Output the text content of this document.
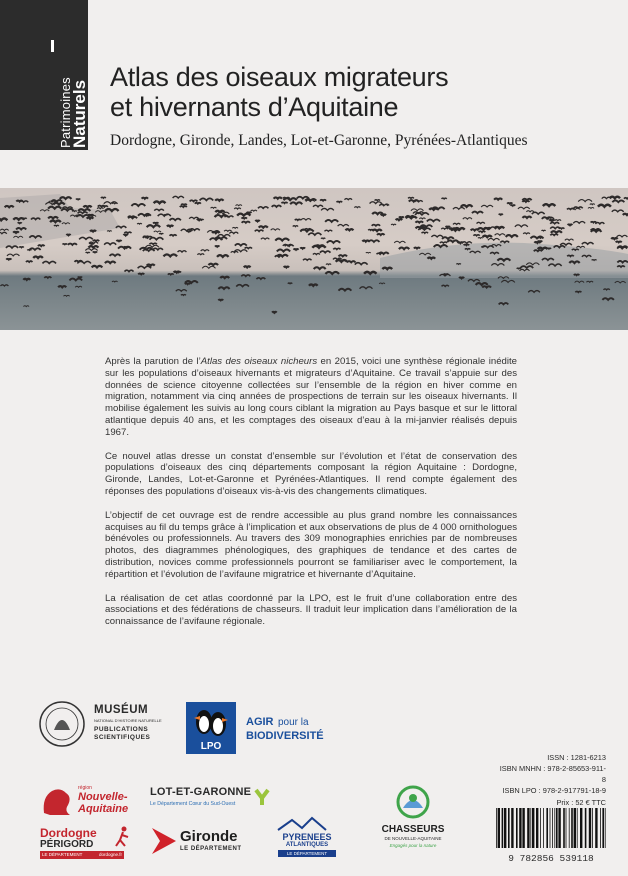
Patrimoines
Naturels
Atlas des oiseaux migrateurs
et hivernants d’Aquitaine
Dordogne, Gironde, Landes, Lot-et-Garonne, Pyrénées-Atlantiques

Après la parution de l’Atlas des oiseaux nicheurs en 2015, voici une synthèse régionale inédite sur les populations d’oiseaux hivernants et migrateurs d’Aquitaine. Ce travail s’appuie sur des données de science citoyenne collectées sur l’ensemble de la région en hiver comme en migration, notamment via cinq années de prospections de terrain sur les oiseaux hivernants. Il mobilise également les suivis au long cours ciblant la migration au Pays basque et sur le littoral atlantique depuis 40 ans, et les comptages des oiseaux d’eau à la mi-janvier réalisés depuis 1967.

Ce nouvel atlas dresse un constat d’ensemble sur l’évolution et l’état de conservation des populations d’oiseaux des cinq départements composant la région Aquitaine : Dordogne, Gironde, Landes, Lot-et-Garonne et Pyrénées-Atlantiques. Il rend compte également des réponses des populations d’oiseaux vis-à-vis des changements climatiques.

L’objectif de cet ouvrage est de rendre accessible au plus grand nombre les connaissances acquises au fil du temps grâce à l’implication et aux observations de plus de 4 000 ornithologues bénévoles ou professionnels. Au travers des 309 monographies enrichies par de nombreuses photos, des diagrammes phénologiques, des graphiques de tendance et des cartes de distribution, novices comme professionnels pourront se familiariser avec le comportement, la répartition et l’évolution de l’avifaune migratrice et hivernante d’Aquitaine.

La réalisation de cet atlas coordonné par la LPO, est le fruit d’une collaboration entre des associations et des fédérations de chasseurs. Il traduit leur implication dans l’amélioration de la connaissance de l’avifaune régionale.

MUSÉUM
NATIONAL D’HISTOIRE NATURELLE
PUBLICATIONS
SCIENTIFIQUES
LPO
AGIR pour la
BIODIVERSITÉ
ISSN : 1281-6213
ISBN MNHN : 978-2-85653-911-8
ISBN LPO : 978-2-917791-18-9
Prix : 52 € TTC
région
Nouvelle-
Aquitaine
LOT-ET-GARONNE
Le Département Cœur du Sud-Ouest
Dordogne
PÉRIGORD
LE DÉPARTEMENT	dordogne.fr
Gironde
LE DÉPARTEMENT
PYRENEES
ATLANTIQUES
LE DÉPARTEMENT
CHASSEURS
DE NOUVELLE-AQUITAINE
Engagés pour la nature
9 782856 539118
